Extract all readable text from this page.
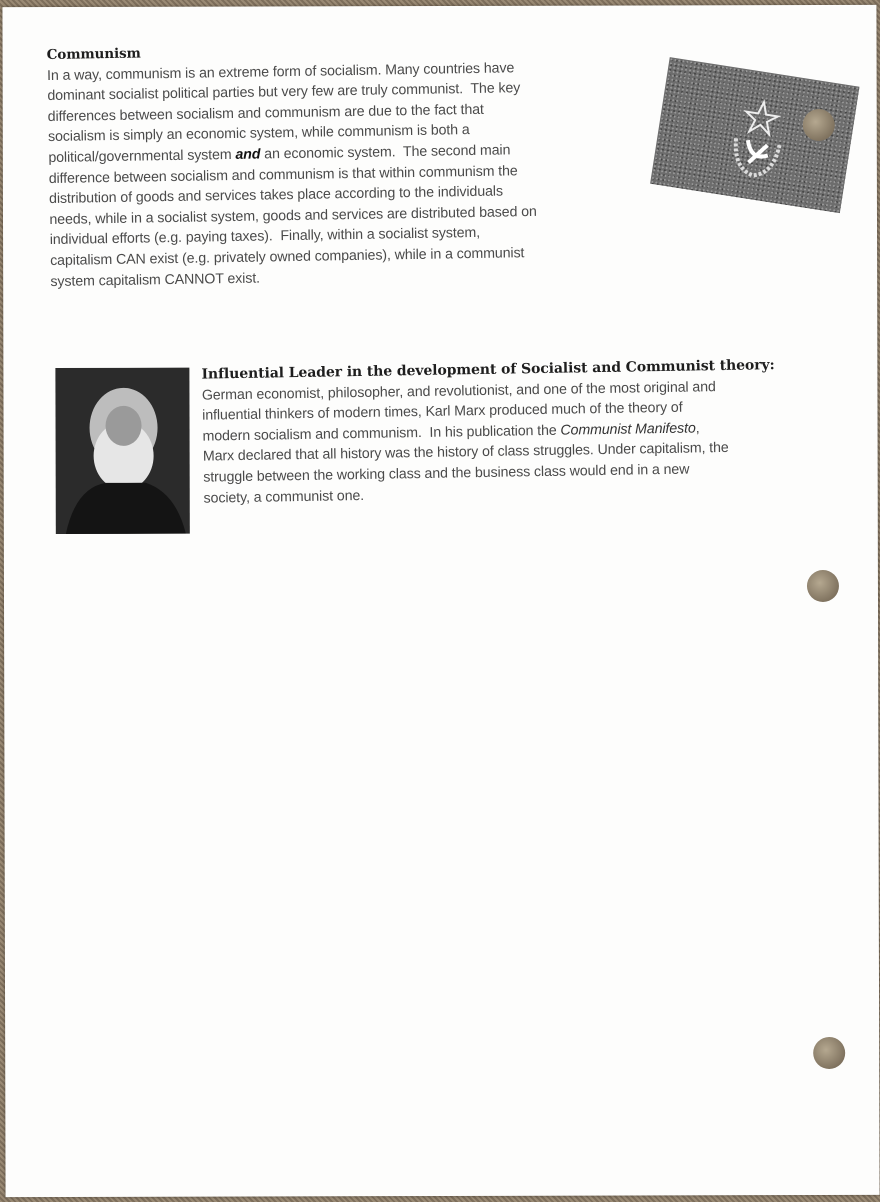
Communism
In a way, communism is an extreme form of socialism. Many countries have
dominant socialist political parties but very few are truly communist.  The key
differences between socialism and communism are due to the fact that
socialism is simply an economic system, while communism is both a
political/governmental system and an economic system.  The second main
difference between socialism and communism is that within communism the
distribution of goods and services takes place according to the individuals
needs, while in a socialist system, goods and services are distributed based on
individual efforts (e.g. paying taxes).  Finally, within a socialist system,
capitalism CAN exist (e.g. privately owned companies), while in a communist
system capitalism CANNOT exist.
Influential Leader in the development of Socialist and Communist theory:
German economist, philosopher, and revolutionist, and one of the most original and
influential thinkers of modern times, Karl Marx produced much of the theory of
modern socialism and communism.  In his publication the Communist Manifesto,
Marx declared that all history was the history of class struggles. Under capitalism, the
struggle between the working class and the business class would end in a new
society, a communist one.
